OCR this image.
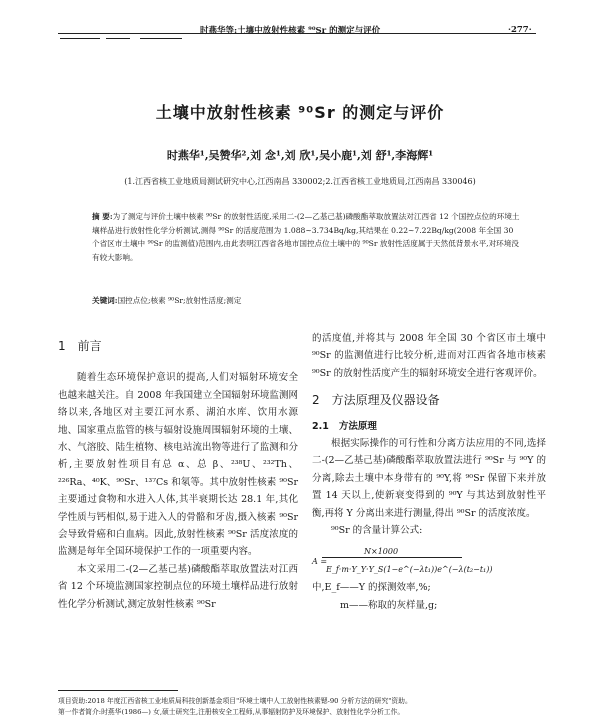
时燕华等:土壤中放射性核素 ⁹⁰Sr 的测定与评价	·277·
土壤中放射性核素 ⁹⁰Sr 的测定与评价
时燕华¹,吴赞华²,刘 念¹,刘 欣¹,吴小鹿¹,刘 舒¹,李海辉¹
(1.江西省核工业地质局测试研究中心,江西南昌 330002;2.江西省核工业地质局,江西南昌 330046)
摘 要:为了测定与评价土壤中核素 ⁹⁰Sr 的放射性活度,采用二-(2—乙基己基)磷酸酯萃取放置法对江西省 12 个国控点位的环境土壤样品进行放射性化学分析测试,测得 ⁹⁰Sr 的活度范围为 1.088~3.734Bq/kg,其结果在 0.22~7.22Bq/kg(2008 年全国 30 个省区市土壤中 ⁹⁰Sr 的监测值)范围内,由此表明江西省各地市国控点位土壤中的 ⁹⁰Sr 放射性活度属于天然低背景水平,对环境没有较大影响。
关键词:国控点位;核素 ⁹⁰Sr;放射性活度;测定
1 前言

随着生态环境保护意识的提高,人们对辐射环境安全也越来越关注。自 2008 年我国建立全国辐射环境监测网络以来,各地区对主要江河水系、湖泊水库、饮用水源地、国家重点监管的核与辐射设施周围辐射环境的土壤、水、气溶胶、陆生植物、核电站流出物等进行了监测和分析,主要放射性项目有总 α、总 β、²³⁸U、²³²Th、²²⁶Ra、⁴⁰K、⁹⁰Sr、¹³⁷Cs 和氡等。其中放射性核素 ⁹⁰Sr 主要通过食物和水进入人体,其半衰期长达 28.1 年,其化学性质与钙相似,易于进入人的骨骼和牙齿,摄入核素 ⁹⁰Sr 会导致骨癌和白血病。因此,放射性核素 ⁹⁰Sr 活度浓度的监测是每年全国环境保护工作的一项重要内容。

本文采用二-(2—乙基己基)磷酸酯萃取放置法对江西省 12 个环境监测国家控制点位的环境土壤样品进行放射性化学分析测试,测定放射性核素 ⁹⁰Sr

的活度值,并将其与 2008 年全国 30 个省区市土壤中 ⁹⁰Sr 的监测值进行比较分析,进而对江西省各地市核素 ⁹⁰Sr 的放射性活度产生的辐射环境安全进行客观评价。

2 方法原理及仪器设备
2.1 方法原理

根据实际操作的可行性和分离方法应用的不同,选择二-(2—乙基己基)磷酸酯萃取放置法进行 ⁹⁰Sr 与 ⁹⁰Y 的分离,除去土壤中本身带有的 ⁹⁰Y,将 ⁹⁰Sr 保留下来并放置 14 天以上,使新衰变得到的 ⁹⁰Y 与其达到放射性平衡,再将 Y 分离出来进行测量,得出 ⁹⁰Sr 的活度浓度。

⁹⁰Sr 的含量计算公式:

A =
N×1000
E_f·m·Y_Y·Y_S(1−e^(−λt₁))e^(−λ(t₂−t₁))

中,E_f——Y 的探测效率,%;

m——称取的灰样量,g;

项目资助:2018 年度江西省核工业地质局科技创新基金项目"环境土壤中人工放射性核素锶-90 分析方法的研究"资助。
第一作者简介:时燕华(1986—) 女,硕士研究生,注册核安全工程师,从事辐射防护及环境保护、放射性化学分析工作。
